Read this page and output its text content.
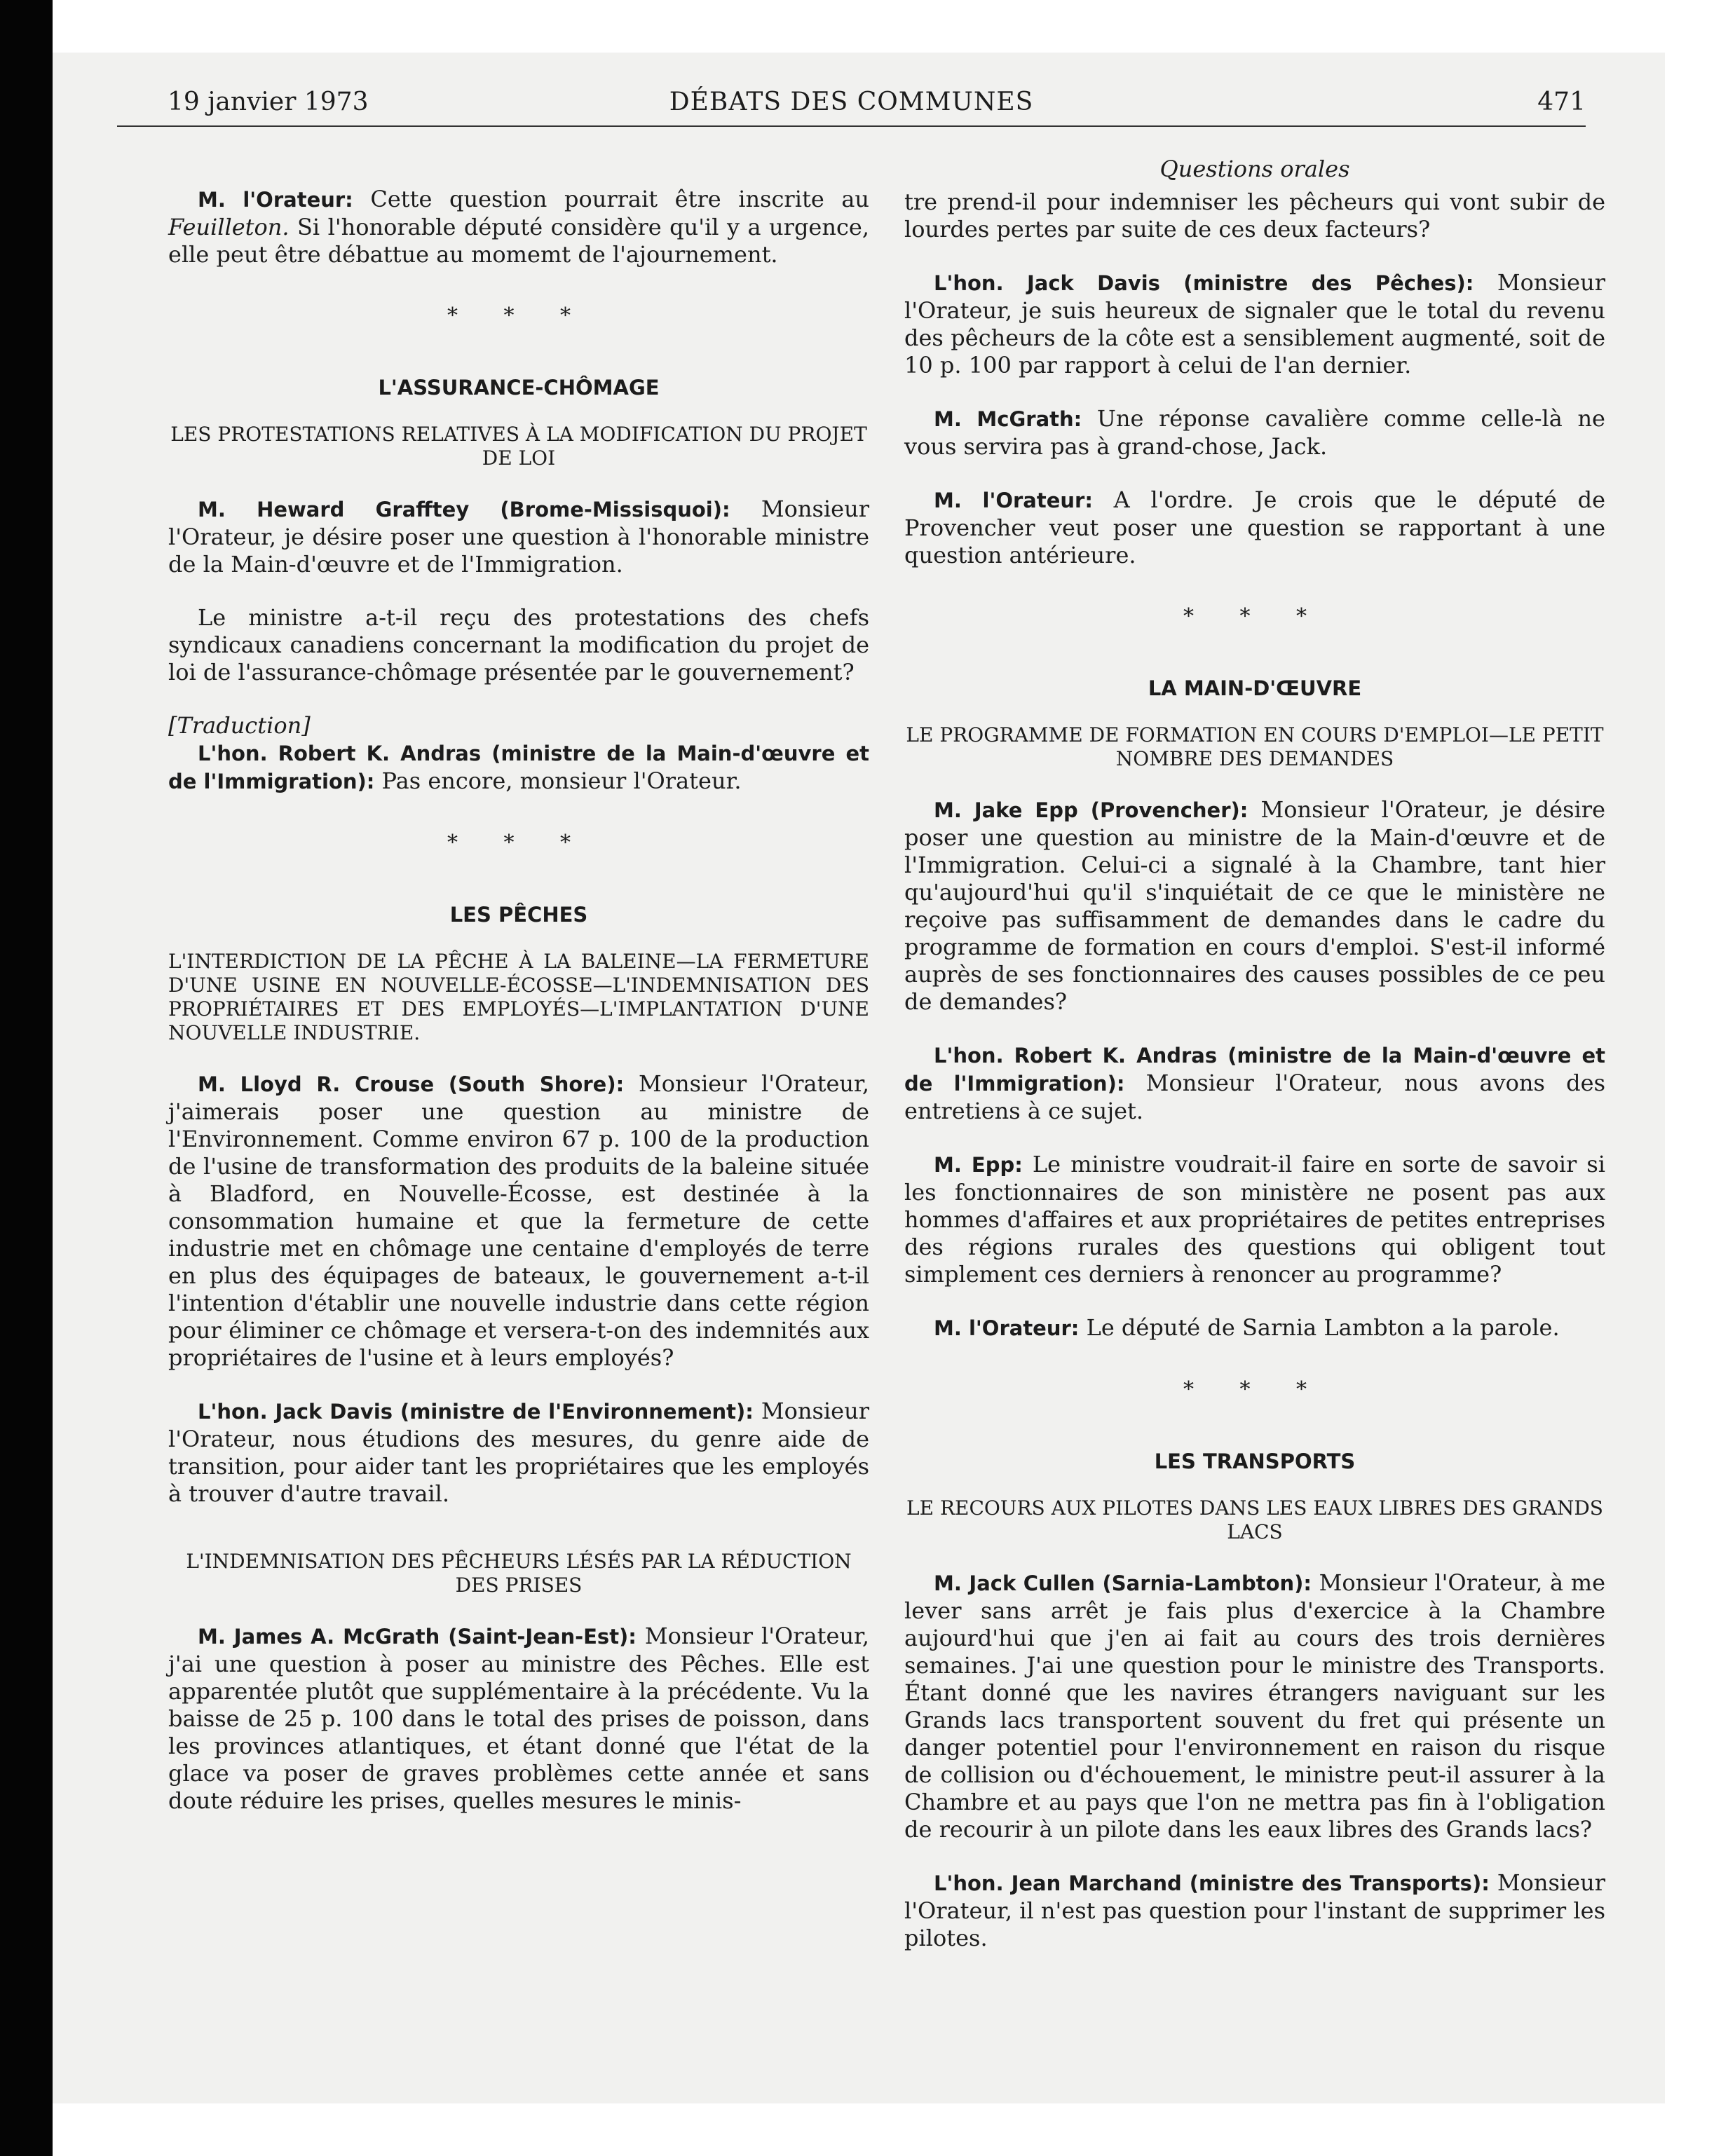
19 janvier 1973	DÉBATS DES COMMUNES	471

M. l'Orateur: Cette question pourrait être inscrite au Feuilleton. Si l'honorable député considère qu'il y a urgence, elle peut être débattue au momemt de l'ajournement.

* * *

L'ASSURANCE-CHÔMAGE

LES PROTESTATIONS RELATIVES À LA MODIFICATION DU PROJET DE LOI

M. Heward Grafftey (Brome-Missisquoi): Monsieur l'Orateur, je désire poser une question à l'honorable ministre de la Main-d'œuvre et de l'Immigration.

Le ministre a-t-il reçu des protestations des chefs syndicaux canadiens concernant la modification du projet de loi de l'assurance-chômage présentée par le gouvernement?

[Traduction]

L'hon. Robert K. Andras (ministre de la Main-d'œuvre et de l'Immigration): Pas encore, monsieur l'Orateur.

* * *

LES PÊCHES

L'INTERDICTION DE LA PÊCHE À LA BALEINE—LA FERMETURE D'UNE USINE EN NOUVELLE-ÉCOSSE—L'INDEMNISATION DES PROPRIÉTAIRES ET DES EMPLOYÉS—L'IMPLANTATION D'UNE NOUVELLE INDUSTRIE.

M. Lloyd R. Crouse (South Shore): Monsieur l'Orateur, j'aimerais poser une question au ministre de l'Environnement. Comme environ 67 p. 100 de la production de l'usine de transformation des produits de la baleine située à Bladford, en Nouvelle-Écosse, est destinée à la consommation humaine et que la fermeture de cette industrie met en chômage une centaine d'employés de terre en plus des équipages de bateaux, le gouvernement a-t-il l'intention d'établir une nouvelle industrie dans cette région pour éliminer ce chômage et versera-t-on des indemnités aux propriétaires de l'usine et à leurs employés?

L'hon. Jack Davis (ministre de l'Environnement): Monsieur l'Orateur, nous étudions des mesures, du genre aide de transition, pour aider tant les propriétaires que les employés à trouver d'autre travail.

L'INDEMNISATION DES PÊCHEURS LÉSÉS PAR LA RÉDUCTION DES PRISES

M. James A. McGrath (Saint-Jean-Est): Monsieur l'Orateur, j'ai une question à poser au ministre des Pêches. Elle est apparentée plutôt que supplémentaire à la précédente. Vu la baisse de 25 p. 100 dans le total des prises de poisson, dans les provinces atlantiques, et étant donné que l'état de la glace va poser de graves problèmes cette année et sans doute réduire les prises, quelles mesures le minis-

Questions orales

tre prend-il pour indemniser les pêcheurs qui vont subir de lourdes pertes par suite de ces deux facteurs?

L'hon. Jack Davis (ministre des Pêches): Monsieur l'Orateur, je suis heureux de signaler que le total du revenu des pêcheurs de la côte est a sensiblement augmenté, soit de 10 p. 100 par rapport à celui de l'an dernier.

M. McGrath: Une réponse cavalière comme celle-là ne vous servira pas à grand-chose, Jack.

M. l'Orateur: A l'ordre. Je crois que le député de Provencher veut poser une question se rapportant à une question antérieure.

* * *

LA MAIN-D'ŒUVRE

LE PROGRAMME DE FORMATION EN COURS D'EMPLOI—LE PETIT NOMBRE DES DEMANDES

M. Jake Epp (Provencher): Monsieur l'Orateur, je désire poser une question au ministre de la Main-d'œuvre et de l'Immigration. Celui-ci a signalé à la Chambre, tant hier qu'aujourd'hui qu'il s'inquiétait de ce que le ministère ne reçoive pas suffisamment de demandes dans le cadre du programme de formation en cours d'emploi. S'est-il informé auprès de ses fonctionnaires des causes possibles de ce peu de demandes?

L'hon. Robert K. Andras (ministre de la Main-d'œuvre et de l'Immigration): Monsieur l'Orateur, nous avons des entretiens à ce sujet.

M. Epp: Le ministre voudrait-il faire en sorte de savoir si les fonctionnaires de son ministère ne posent pas aux hommes d'affaires et aux propriétaires de petites entreprises des régions rurales des questions qui obligent tout simplement ces derniers à renoncer au programme?

M. l'Orateur: Le député de Sarnia Lambton a la parole.

* * *

LES TRANSPORTS

LE RECOURS AUX PILOTES DANS LES EAUX LIBRES DES GRANDS LACS

M. Jack Cullen (Sarnia-Lambton): Monsieur l'Orateur, à me lever sans arrêt je fais plus d'exercice à la Chambre aujourd'hui que j'en ai fait au cours des trois dernières semaines. J'ai une question pour le ministre des Transports. Étant donné que les navires étrangers naviguant sur les Grands lacs transportent souvent du fret qui présente un danger potentiel pour l'environnement en raison du risque de collision ou d'échouement, le ministre peut-il assurer à la Chambre et au pays que l'on ne mettra pas fin à l'obligation de recourir à un pilote dans les eaux libres des Grands lacs?

L'hon. Jean Marchand (ministre des Transports): Monsieur l'Orateur, il n'est pas question pour l'instant de supprimer les pilotes.
